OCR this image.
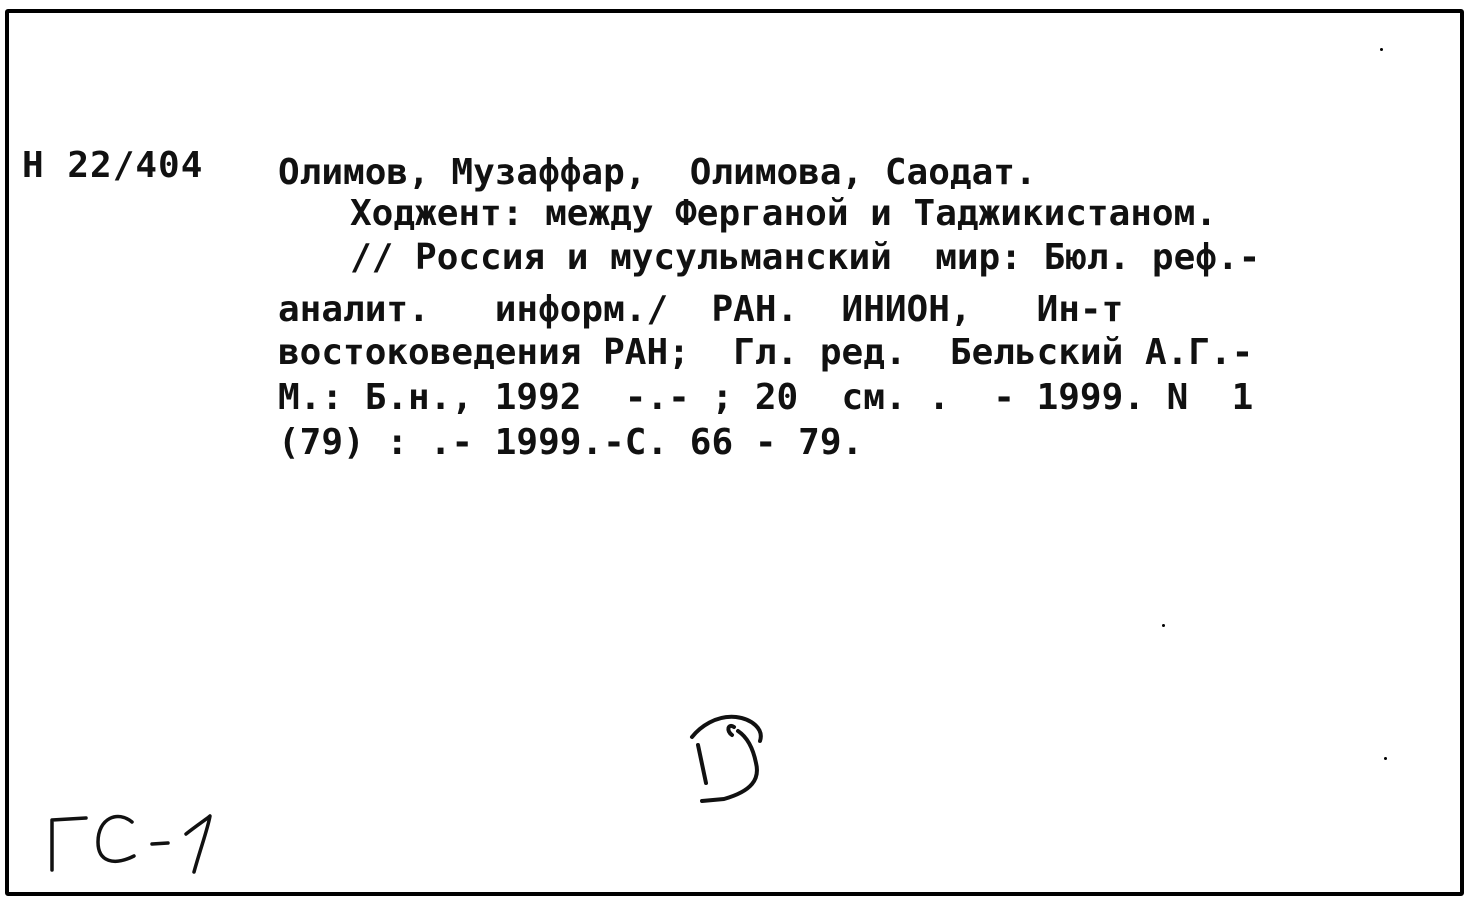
Н 22/404 Олимов, Музаффар,  Олимова, Саодат.
Ходжент: между Ферганой и Таджикистаном.
// Россия и мусульманский  мир: Бюл. реф.-
аналит.   информ./  РАН.  ИНИОН,   Ин-т
востоковедения РАН;  Гл. ред.  Бельский А.Г.-
М.: Б.н., 1992  -.- ; 20  см. .  - 1999. N  1
(79) : .- 1999.-С. 66 - 79.
